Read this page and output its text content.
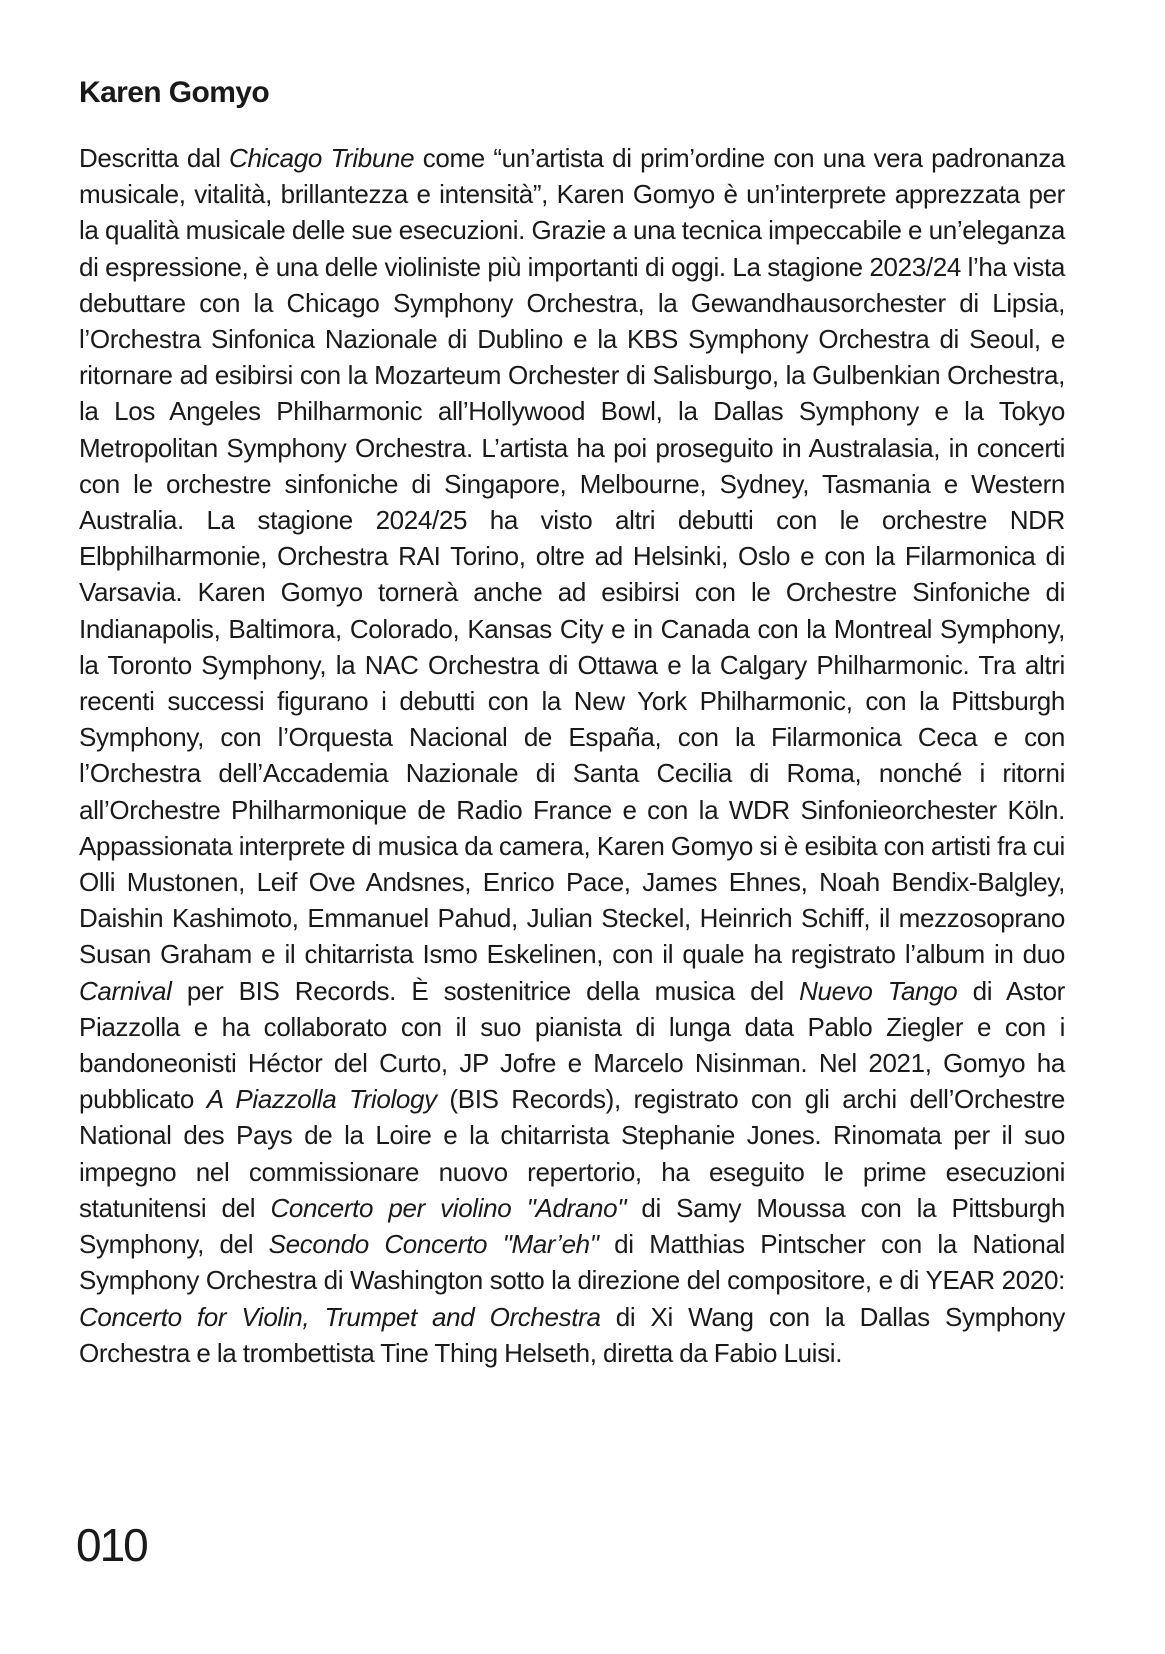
Karen Gomyo

Descritta dal Chicago Tribune come “un’artista di prim’ordine con una vera padronanza musicale, vitalità, brillantezza e intensità”, Karen Gomyo è un’interprete apprezzata per la qualità musicale delle sue esecuzioni. Grazie a una tecnica impeccabile e un’eleganza di espressione, è una delle violiniste più importanti di oggi. La stagione 2023/24 l’ha vista debuttare con la Chicago Symphony Orchestra, la Gewandhausorchester di Lipsia, l’Orchestra Sinfonica Nazionale di Dublino e la KBS Symphony Orchestra di Seoul, e ritornare ad esibirsi con la Mozarteum Orchester di Salisburgo, la Gulbenkian Orchestra, la Los Angeles Philharmonic all’Hollywood Bowl, la Dallas Symphony e la Tokyo Metropolitan Symphony Orchestra. L’artista ha poi proseguito in Australasia, in concerti con le orchestre sinfoniche di Singapore, Melbourne, Sydney, Tasmania e Western Australia. La stagione 2024/25 ha visto altri debutti con le orchestre NDR Elbphilharmonie, Orchestra RAI Torino, oltre ad Helsinki, Oslo e con la Filarmonica di Varsavia. Karen Gomyo tornerà anche ad esibirsi con le Orchestre Sinfoniche di Indianapolis, Baltimora, Colorado, Kansas City e in Canada con la Montreal Symphony, la Toronto Symphony, la NAC Orchestra di Ottawa e la Calgary Philharmonic. Tra altri recenti successi figurano i debutti con la New York Philharmonic, con la Pittsburgh Symphony, con l’Orquesta Nacional de España, con la Filarmonica Ceca e con l’Orchestra dell’Accademia Nazionale di Santa Cecilia di Roma, nonché i ritorni all’Orchestre Philharmonique de Radio France e con la WDR Sinfonieorchester Köln. Appassionata interprete di musica da camera, Karen Gomyo si è esibita con artisti fra cui Olli Mustonen, Leif Ove Andsnes, Enrico Pace, James Ehnes, Noah Bendix-Balgley, Daishin Kashimoto, Emmanuel Pahud, Julian Steckel, Heinrich Schiff, il mezzosoprano Susan Graham e il chitarrista Ismo Eskelinen, con il quale ha registrato l’album in duo Carnival per BIS Records. È sostenitrice della musica del Nuevo Tango di Astor Piazzolla e ha collaborato con il suo pianista di lunga data Pablo Ziegler e con i bandoneonisti Héctor del Curto, JP Jofre e Marcelo Nisinman. Nel 2021, Gomyo ha pubblicato A Piazzolla Triology (BIS Records), registrato con gli archi dell’Orchestre National des Pays de la Loire e la chitarrista Stephanie Jones. Rinomata per il suo impegno nel commissionare nuovo repertorio, ha eseguito le prime esecuzioni statunitensi del Concerto per violino "Adrano" di Samy Moussa con la Pittsburgh Symphony, del Secondo Concerto "Mar’eh" di Matthias Pintscher con la National Symphony Orchestra di Washington sotto la direzione del compositore, e di YEAR 2020: Concerto for Violin, Trumpet and Orchestra di Xi Wang con la Dallas Symphony Orchestra e la trombettista Tine Thing Helseth, diretta da Fabio Luisi.

010
